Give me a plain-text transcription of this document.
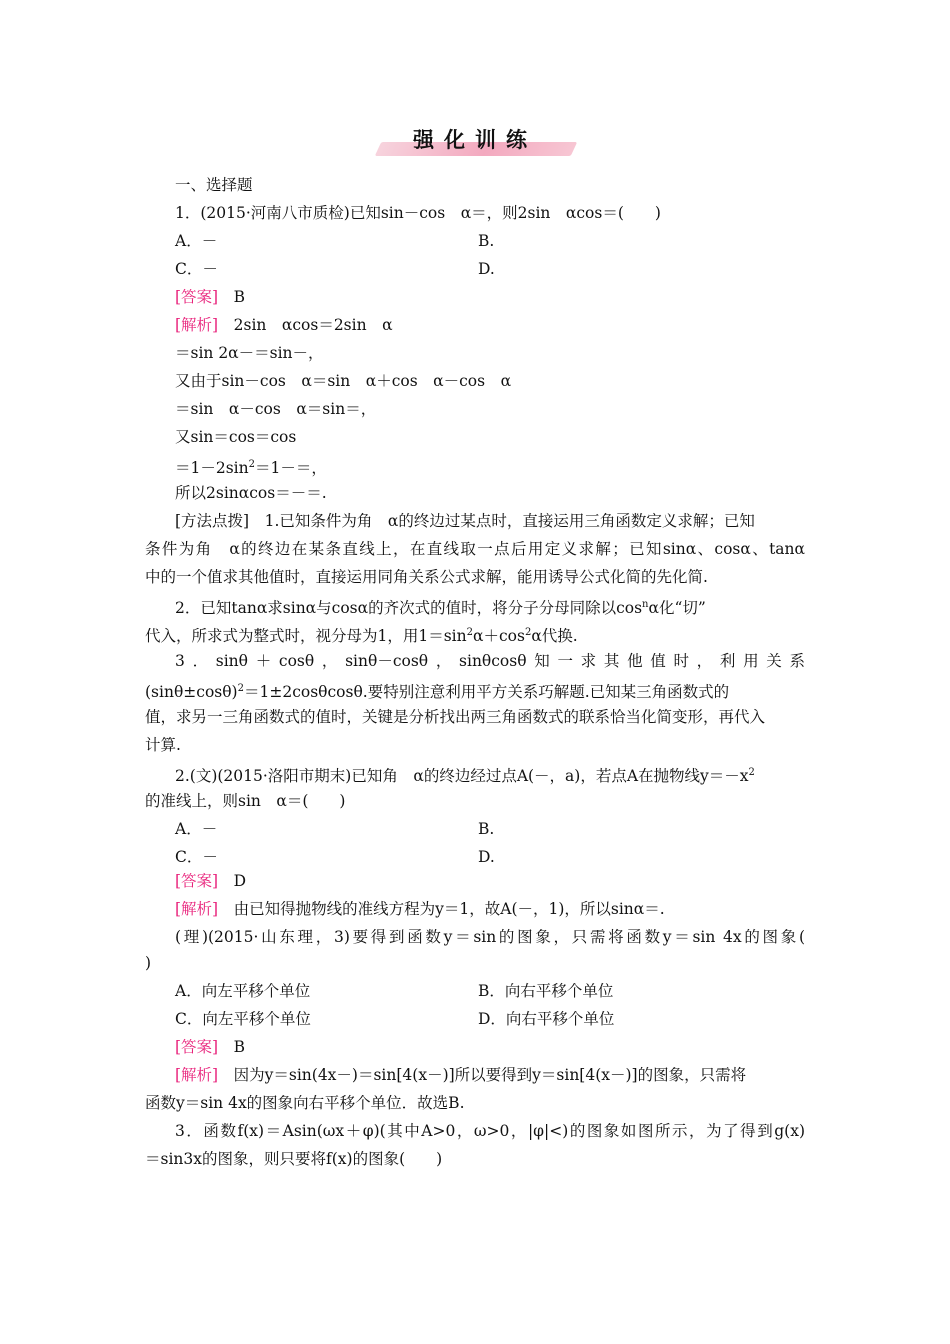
强化训练
一、选择题
1．(2015·河南八市质检)已知sin－cos　α＝，则2sin　αcos＝(　　)
A．－	B.
C．－	D.
[答案]　 B
[解析]　 2sin　αcos＝2sin　α
＝sin 2α－＝sin－，
又由于sin－cos　α＝sin　α＋cos　α－cos　α
＝sin　α－cos　α＝sin＝，
又sin＝cos＝cos
$=1-2\sin^2=1-=$，
所以2sinαcos＝－＝.
[方法点拨]　 1.已知条件为角　α的终边过某点时，直接运用三角函数定义求解；已知
条件为角　α的终边在某条直线上，在直线取一点后用定义求解；已知sinα、cosα、tanα
中的一个值求其他值时，直接运用同角关系公式求解，能用诱导公式化简的先化简.
2．已知tanα求sinα与cosα的齐次式的值时，将分子分母同除以$\cos^n\alpha$化“切”
代入，所求式为整式时，视分母为1，用$1=\sin^2\alpha+\cos^2\alpha$代换.
3．sinθ＋cosθ，sinθ－cosθ，sinθcosθ知一求其他值时，利用关系
$(\sin\theta\pm\cos\theta)^2=1\pm 2\cos\theta\cos\theta$.要特别注意利用平方关系巧解题.已知某三角函数式的
值，求另一三角函数式的值时，关键是分析找出两三角函数式的联系恰当化简变形，再代入
计算.
2.(文)(2015·洛阳市期末)已知角　α的终边经过点A(－，a)，若点A在抛物线$y=-x^2$
的准线上，则sin　α＝(　　)
A．－	B.
C．－	D.
[答案]　 D
[解析]　 由已知得抛物线的准线方程为y＝1，故A(－，1)，所以sinα＝.
(理)(2015·山东理，3)要得到函数y＝sin的图象，只需将函数y＝sin 4x的图象(
)
A．向左平移个单位	B．向右平移个单位
C．向左平移个单位	D．向右平移个单位
[答案]　 B
[解析]　 因为y＝sin(4x－)＝sin[4(x－)]所以要得到y＝sin[4(x－)]的图象，只需将
函数y＝sin 4x的图象向右平移个单位．故选B.
3．函数f(x)＝Asin(ωx＋φ)(其中A>0，ω>0，|φ|<)的图象如图所示，为了得到g(x)
＝sin3x的图象，则只要将f(x)的图象(　　)
